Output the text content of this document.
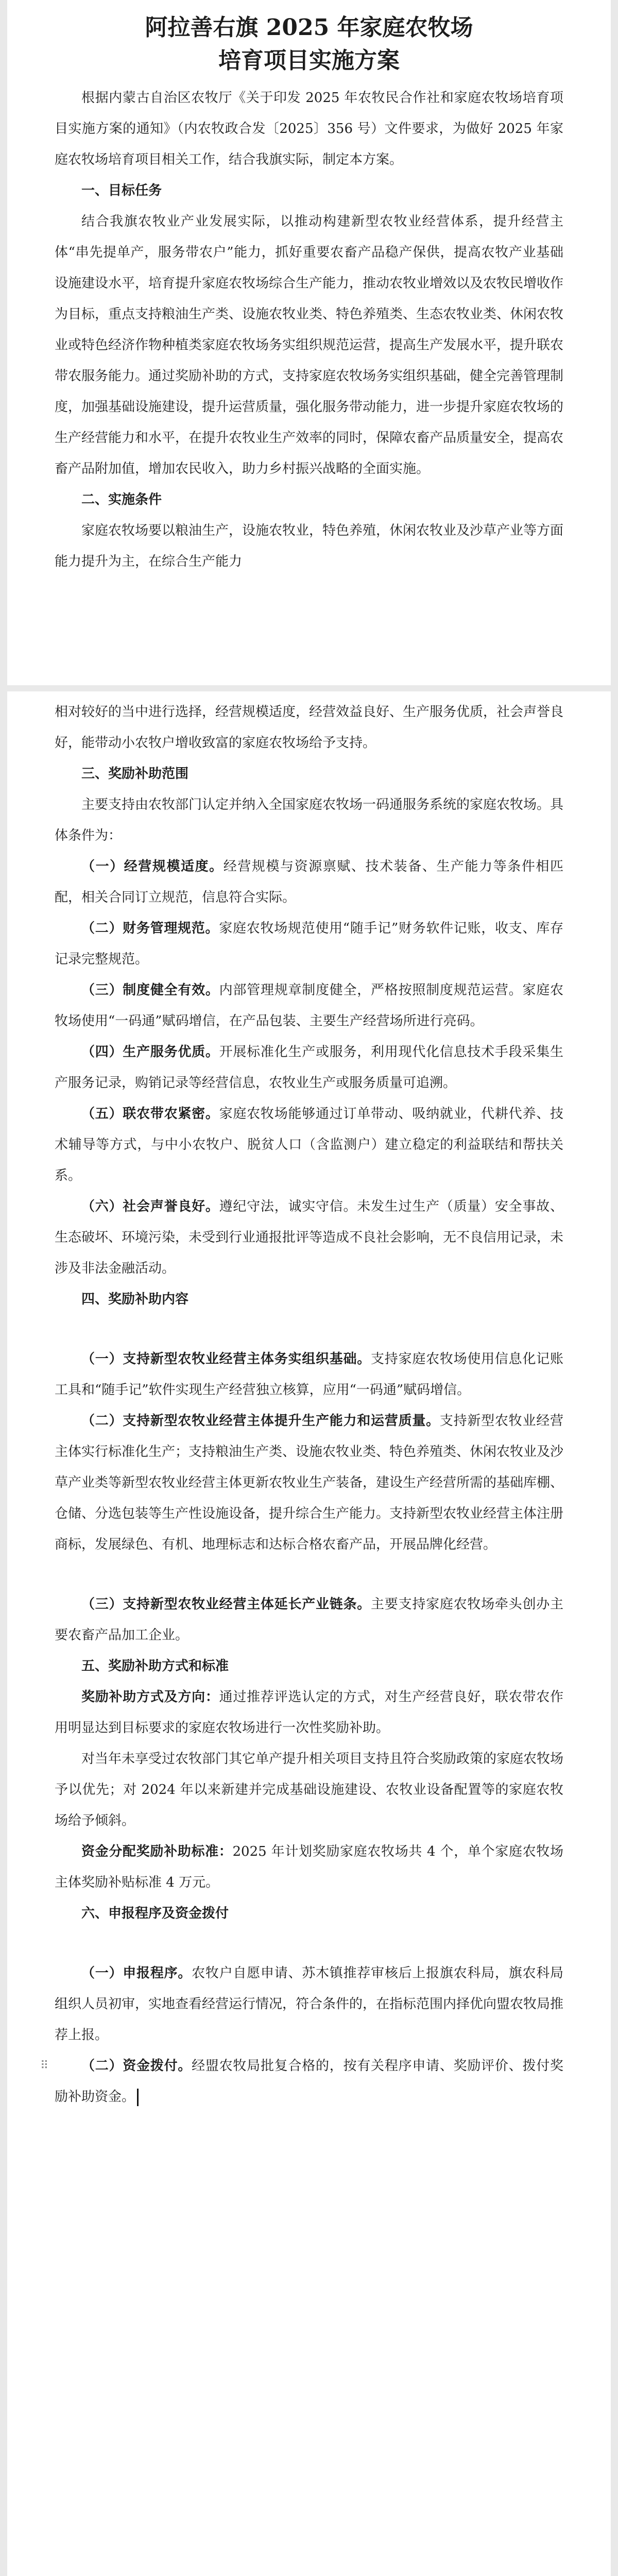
阿拉善右旗 2025 年家庭农牧场
培育项目实施方案

根据内蒙古自治区农牧厅《关于印发 2025 年农牧民合作社和家庭农牧场培育项目实施方案的通知》（内农牧政合发〔2025〕356 号）文件要求，为做好 2025 年家庭农牧场培育项目相关工作，结合我旗实际，制定本方案。

一、目标任务

结合我旗农牧业产业发展实际，以推动构建新型农牧业经营体系，提升经营主体“串先提单产，服务带农户”能力，抓好重要农畜产品稳产保供，提高农牧产业基础设施建设水平，培育提升家庭农牧场综合生产能力，推动农牧业增效以及农牧民增收作为目标，重点支持粮油生产类、设施农牧业类、特色养殖类、生态农牧业类、休闲农牧业或特色经济作物种植类家庭农牧场务实组织规范运营，提高生产发展水平，提升联农带农服务能力。通过奖励补助的方式，支持家庭农牧场务实组织基础，健全完善管理制度，加强基础设施建设，提升运营质量，强化服务带动能力，进一步提升家庭农牧场的生产经营能力和水平，在提升农牧业生产效率的同时，保障农畜产品质量安全，提高农畜产品附加值，增加农民收入，助力乡村振兴战略的全面实施。

二、实施条件

家庭农牧场要以粮油生产，设施农牧业，特色养殖，休闲农牧业及沙草产业等方面能力提升为主，在综合生产能力

相对较好的当中进行选择，经营规模适度，经营效益良好、生产服务优质，社会声誉良好，能带动小农牧户增收致富的家庭农牧场给予支持。

三、奖励补助范围

主要支持由农牧部门认定并纳入全国家庭农牧场一码通服务系统的家庭农牧场。具体条件为：

（一）经营规模适度。经营规模与资源禀赋、技术装备、生产能力等条件相匹配，相关合同订立规范，信息符合实际。

（二）财务管理规范。家庭农牧场规范使用“随手记”财务软件记账，收支、库存记录完整规范。

（三）制度健全有效。内部管理规章制度健全，严格按照制度规范运营。家庭农牧场使用“一码通”赋码增信，在产品包装、主要生产经营场所进行亮码。

（四）生产服务优质。开展标准化生产或服务，利用现代化信息技术手段采集生产服务记录，购销记录等经营信息，农牧业生产或服务质量可追溯。

（五）联农带农紧密。家庭农牧场能够通过订单带动、吸纳就业，代耕代养、技术辅导等方式，与中小农牧户、脱贫人口（含监测户）建立稳定的利益联结和帮扶关系。

（六）社会声誉良好。遵纪守法，诚实守信。未发生过生产（质量）安全事故、生态破坏、环境污染，未受到行业通报批评等造成不良社会影响，无不良信用记录，未涉及非法金融活动。

四、奖励补助内容

（一）支持新型农牧业经营主体务实组织基础。支持家庭农牧场使用信息化记账工具和“随手记”软件实现生产经营独立核算，应用“一码通”赋码增信。

（二）支持新型农牧业经营主体提升生产能力和运营质量。支持新型农牧业经营主体实行标准化生产；支持粮油生产类、设施农牧业类、特色养殖类、休闲农牧业及沙草产业类等新型农牧业经营主体更新农牧业生产装备，建设生产经营所需的基础库棚、仓储、分选包装等生产性设施设备，提升综合生产能力。支持新型农牧业经营主体注册商标，发展绿色、有机、地理标志和达标合格农畜产品，开展品牌化经营。

（三）支持新型农牧业经营主体延长产业链条。主要支持家庭农牧场牵头创办主要农畜产品加工企业。

五、奖励补助方式和标准

奖励补助方式及方向：通过推荐评选认定的方式，对生产经营良好，联农带农作用明显达到目标要求的家庭农牧场进行一次性奖励补助。

对当年未享受过农牧部门其它单产提升相关项目支持且符合奖励政策的家庭农牧场予以优先；对 2024 年以来新建并完成基础设施建设、农牧业设备配置等的家庭农牧场给予倾斜。

资金分配奖励补助标准：2025 年计划奖励家庭农牧场共 4 个，单个家庭农牧场主体奖励补贴标准 4 万元。

六、申报程序及资金拨付

（一）申报程序。农牧户自愿申请、苏木镇推荐审核后上报旗农科局，旗农科局组织人员初审，实地查看经营运行情况，符合条件的，在指标范围内择优向盟农牧局推荐上报。

⠿ （二）资金拨付。经盟农牧局批复合格的，按有关程序申请、奖励评价、拨付奖励补助资金。
